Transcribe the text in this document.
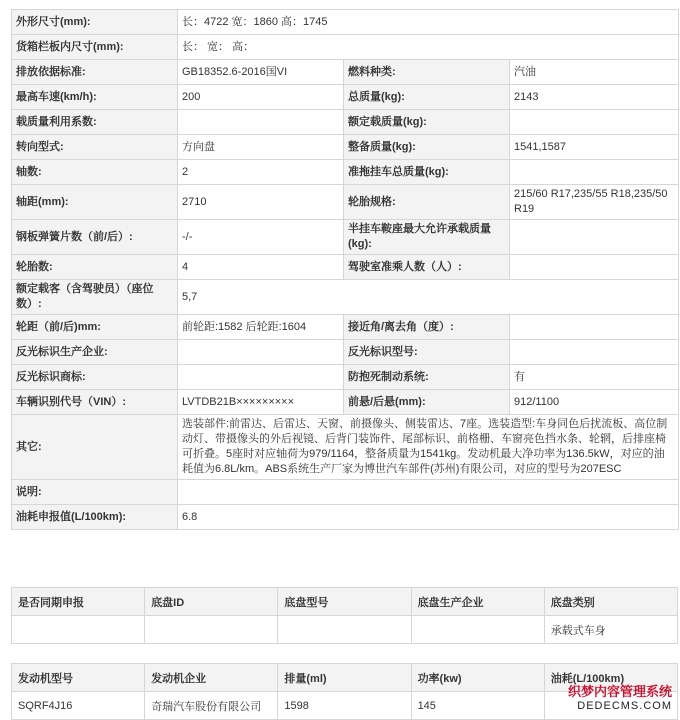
外形尺寸(mm):	长：4722 宽：1860 高：1745		
货箱栏板内尺寸(mm):	长： 宽： 高：		
排放依据标准:	GB18352.6-2016国VI	燃料种类:	汽油
最高车速(km/h):	200	总质量(kg):	2143
载质量利用系数:		额定载质量(kg):	
转向型式:	方向盘	整备质量(kg):	1541,1587
轴数:	2	准拖挂车总质量(kg):	
轴距(mm):	2710	轮胎规格:	215/60 R17,235/55 R18,235/50 R19
钢板弹簧片数（前/后）:	-/-	半挂车鞍座最大允许承载质量(kg):	
轮胎数:	4	驾驶室准乘人数（人）:	
额定载客（含驾驶员）（座位数）:	5,7		
轮距（前/后)mm:	前轮距:1582 后轮距:1604	接近角/离去角（度）:	
反光标识生产企业:		反光标识型号:	
反光标识商标:		防抱死制动系统:	有
车辆识别代号（VIN）:	LVTDB21B×××××××××	前悬/后悬(mm):	912/1100
其它:	选装部件:前雷达、后雷达、天窗、前摄像头、侧装雷达、7座。选装造型:车身同色后扰流板、高位制动灯、带摄像头的外后视镜、后背门装饰件、尾部标识、前格栅、车窗亮色挡水条、轮辋，后排座椅可折叠。5座时对应轴荷为979/1164，整备质量为1541kg。发动机最大净功率为136.5kW，对应的油耗值为6.8L/km。ABS系统生产厂家为博世汽车部件(苏州)有限公司，对应的型号为207ESC		
说明:			
油耗申报值(L/100km):	6.8		
是否同期申报	底盘ID	底盘型号	底盘生产企业	底盘类别
				承载式车身
发动机型号	发动机企业	排量(ml)	功率(kw)	油耗(L/100km)
SQRF4J16	奇瑞汽车股份有限公司	1598	145	
织梦内容管理系统
DEDECMS.COM
